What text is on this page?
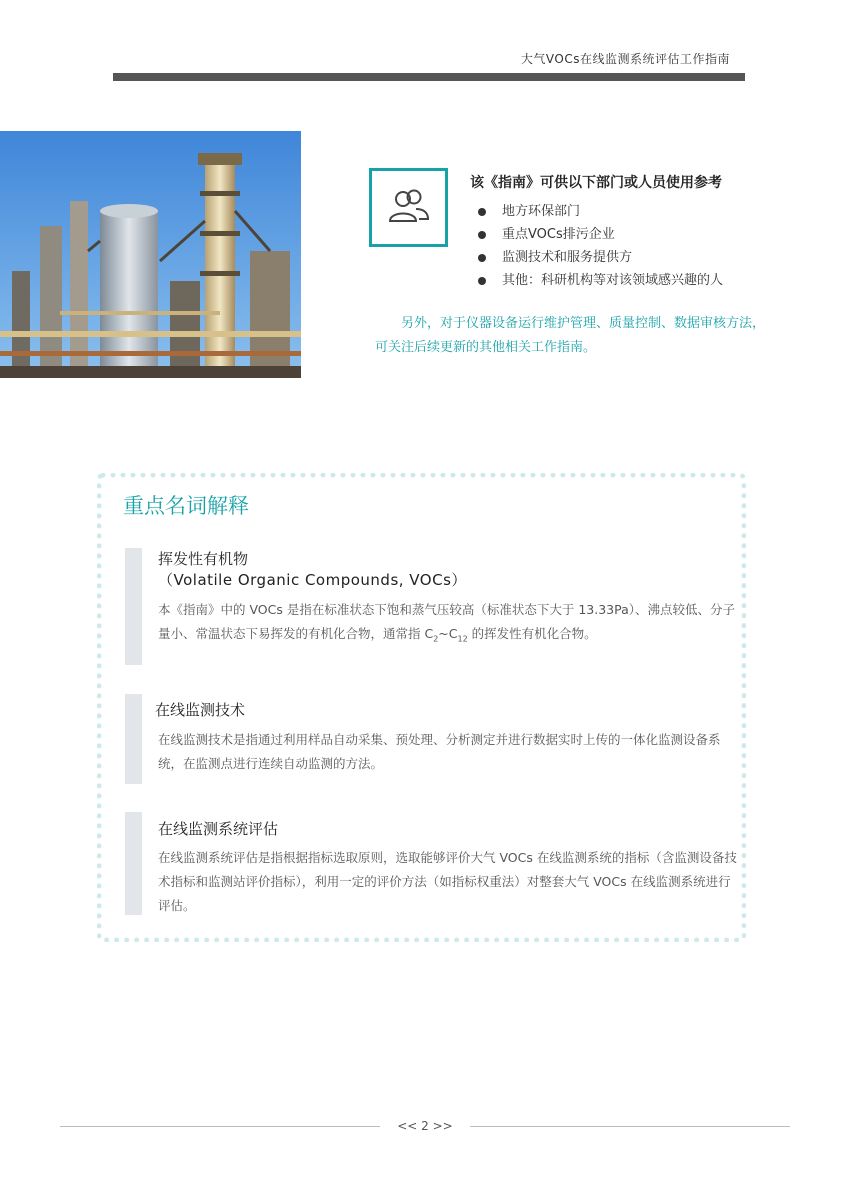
大气VOCs在线监测系统评估工作指南
该《指南》可供以下部门或人员使用参考
地方环保部门
重点VOCs排污企业
监测技术和服务提供方
其他：科研机构等对该领域感兴趣的人
另外，对于仪器设备运行维护管理、质量控制、数据审核方法，可关注后续更新的其他相关工作指南。
重点名词解释
挥发性有机物
（Volatile Organic Compounds, VOCs）
本《指南》中的 VOCs 是指在标准状态下饱和蒸气压较高（标准状态下大于 13.33Pa）、沸点较低、分子量小、常温状态下易挥发的有机化合物，通常指 $C_2\sim C_{12}$ 的挥发性有机化合物。
在线监测技术
在线监测技术是指通过利用样品自动采集、预处理、分析测定并进行数据实时上传的一体化监测设备系统，在监测点进行连续自动监测的方法。
在线监测系统评估
在线监测系统评估是指根据指标选取原则，选取能够评价大气 VOCs 在线监测系统的指标（含监测设备技术指标和监测站评价指标），利用一定的评价方法（如指标权重法）对整套大气 VOCs 在线监测系统进行评估。
<< 2 >>
